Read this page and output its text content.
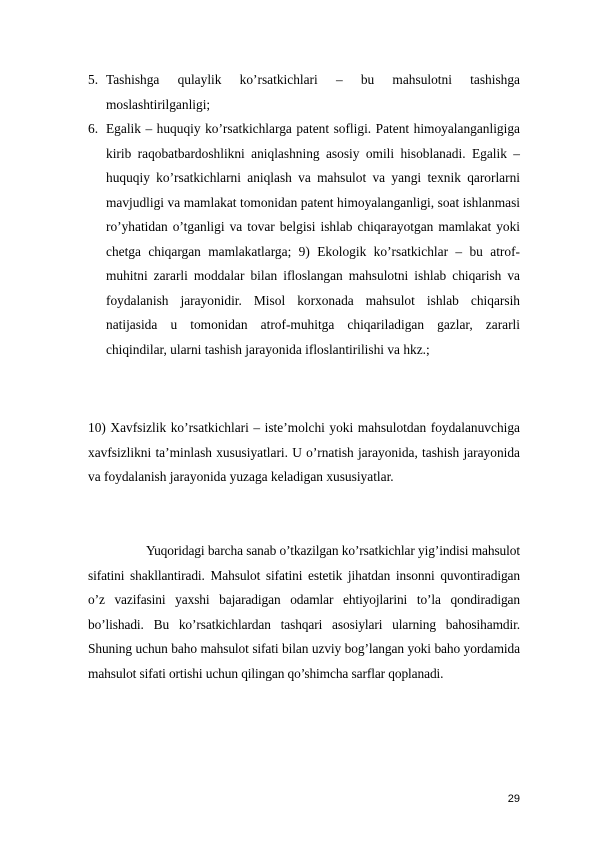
5. Tashishga qulaylik ko’rsatkichlari – bu mahsulotni tashishga moslashtirilganligi;
6. Egalik – huquqiy ko’rsatkichlarga patent sofligi. Patent himoyalanganligiga kirib raqobatbardoshlikni aniqlashning asosiy omili hisoblanadi. Egalik – huquqiy ko’rsatkichlarni aniqlash va mahsulot va yangi texnik qarorlarni mavjudligi va mamlakat tomonidan patent himoyalanganligi, soat ishlanmasi ro’yhatidan o’tganligi va tovar belgisi ishlab chiqarayotgan mamlakat yoki chetga chiqargan mamlakatlarga; 9) Ekologik ko’rsatkichlar – bu atrof-muhitni zararli moddalar bilan ifloslangan mahsulotni ishlab chiqarish va foydalanish jarayonidir. Misol korxonada mahsulot ishlab chiqarsih natijasida u tomonidan atrof-muhitga chiqariladigan gazlar, zararli chiqindilar, ularni tashish jarayonida ifloslantirilishi va hkz.;

10) Xavfsizlik ko’rsatkichlari – iste’molchi yoki mahsulotdan foydalanuvchiga xavfsizlikni ta’minlash xususiyatlari. U o’rnatish jarayonida, tashish jarayonida va foydalanish jarayonida yuzaga keladigan xususiyatlar.

Yuqoridagi barcha sanab o’tkazilgan ko’rsatkichlar yig’indisi mahsulot sifatini shakllantiradi. Mahsulot sifatini estetik jihatdan insonni quvontiradigan o’z vazifasini yaxshi bajaradigan odamlar ehtiyojlarini to’la qondiradigan bo’lishadi. Bu ko’rsatkichlardan tashqari asosiylari ularning bahosihamdir. Shuning uchun baho mahsulot sifati bilan uzviy bog’langan yoki baho yordamida mahsulot sifati ortishi uchun qilingan qo’shimcha sarflar qoplanadi.

29
